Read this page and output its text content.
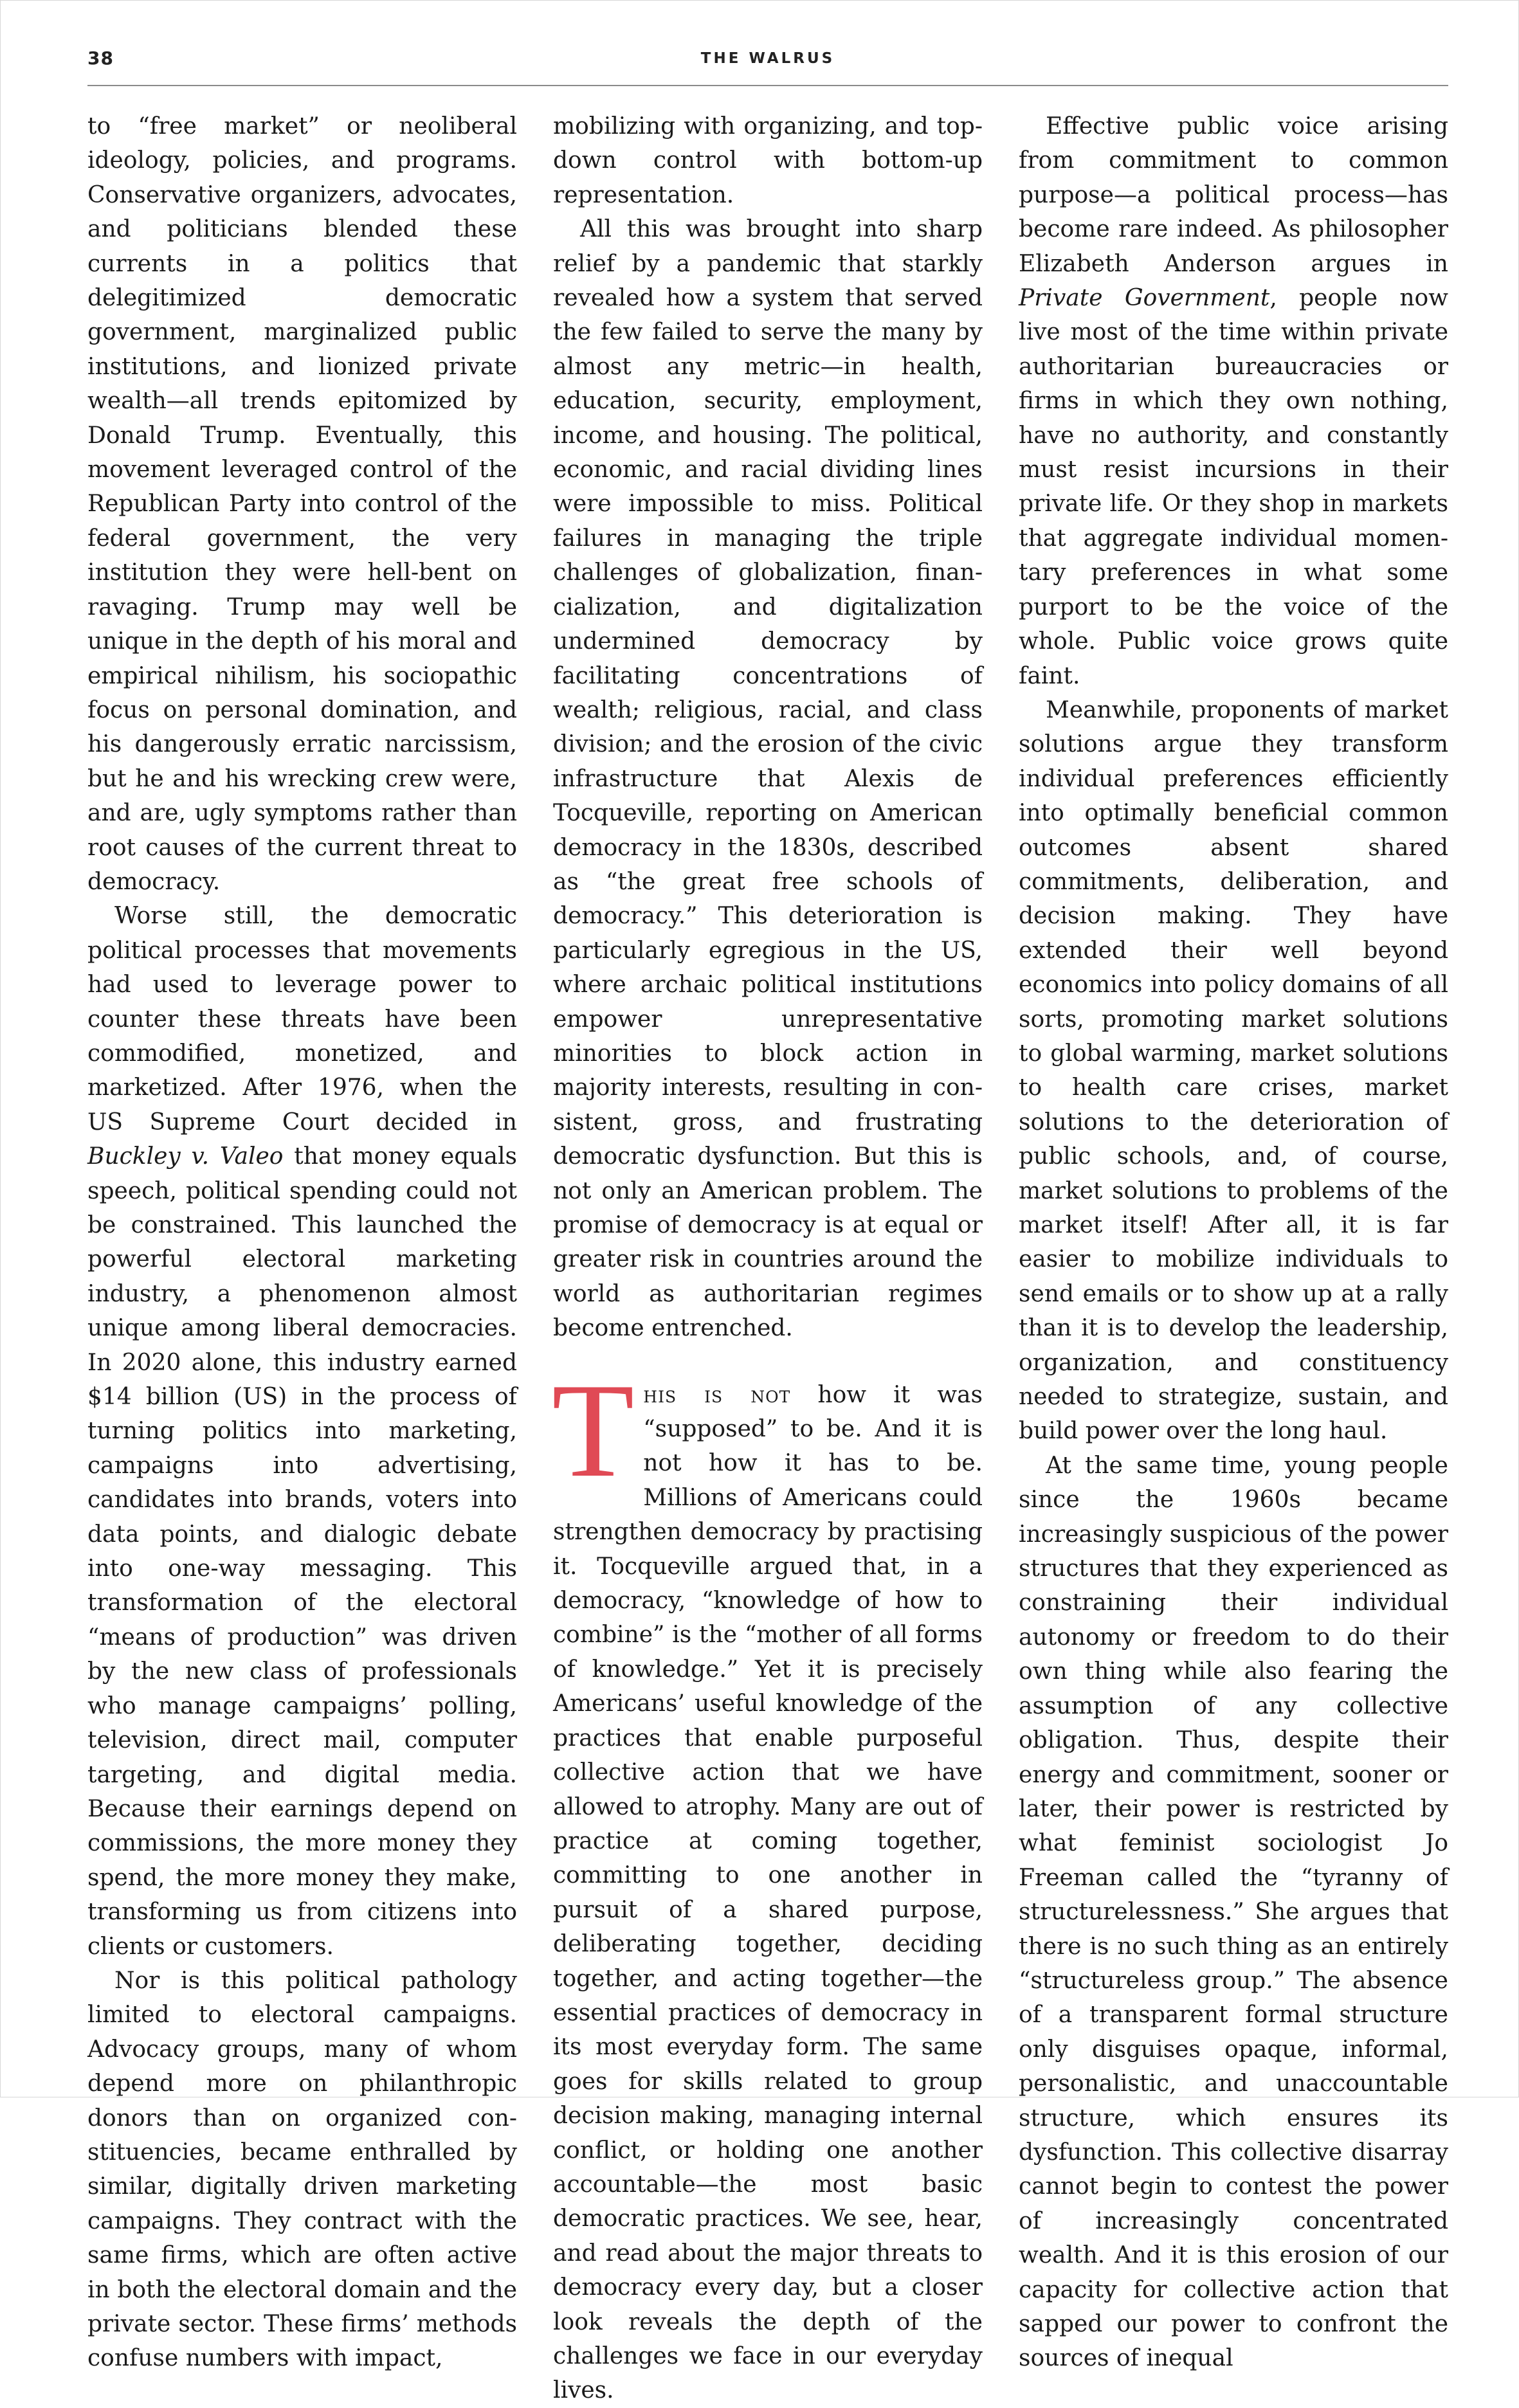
38	THE WALRUS

to “free market” or neoliberal ideology, policies, and programs. Conservative organizers, advocates, and politicians blended these currents in a politics that delegitimized democratic government, marginalized public institutions, and lionized private wealth—all trends epitomized by Donald Trump. Eventually, this movement leveraged control of the Republican Party into control of the federal government, the very institution they were hell-bent on ravaging. Trump may well be unique in the depth of his moral and empirical nihilism, his sociopathic focus on personal domination, and his dangerously erratic narcissism, but he and his wrecking crew were, and are, ugly symptoms rather than root causes of the current threat to democracy.

Worse still, the democratic political processes that movements had used to leverage power to counter these threats have been commodified, monetized, and marketized. After 1976, when the US Supreme Court decided in Buckley v. Valeo that money equals speech, political spending could not be constrained. This launched the powerful electoral marketing industry, a phenomenon almost unique among liberal democracies. In 2020 alone, this industry earned $14 billion (US) in the process of turning politics into marketing, campaigns into advertising, candidates into brands, voters into data points, and dialogic debate into one-way messaging. This transformation of the electoral “means of production” was driven by the new class of professionals who manage campaigns’ polling, television, direct mail, computer targeting, and digital media. Because their earnings depend on commissions, the more money they spend, the more money they make, transforming us from citizens into clients or customers.

Nor is this political pathology limited to electoral campaigns. Advocacy groups, many of whom depend more on philanthropic donors than on organized constituencies, became enthralled by similar, digitally driven marketing campaigns. They contract with the same firms, which are often active in both the electoral domain and the private sector. These firms’ methods confuse numbers with impact,

mobilizing with organizing, and top-down control with bottom-up representation.

All this was brought into sharp relief by a pandemic that starkly revealed how a system that served the few failed to serve the many by almost any metric—in health, education, security, employment, income, and housing. The political, economic, and racial dividing lines were impossible to miss. Political failures in managing the triple challenges of globalization, financialization, and digitalization undermined democracy by facilitating concentrations of wealth; religious, racial, and class division; and the erosion of the civic infrastructure that Alexis de Tocqueville, reporting on American democracy in the 1830s, described as “the great free schools of democracy.” This deterioration is particularly egregious in the US, where archaic political institutions empower unrepresentative minorities to block action in majority interests, resulting in consistent, gross, and frustrating democratic dysfunction. But this is not only an American problem. The promise of democracy is at equal or greater risk in countries around the world as authoritarian regimes become entrenched.

This is not how it was “supposed” to be. And it is not how it has to be. Millions of Americans could strengthen democracy by practising it. Tocqueville argued that, in a democracy, “knowledge of how to combine” is the “mother of all forms of knowledge.” Yet it is precisely Americans’ useful knowledge of the practices that enable purposeful collective action that we have allowed to atrophy. Many are out of practice at coming together, committing to one another in pursuit of a shared purpose, deliberating together, deciding together, and acting together—the essential practices of democracy in its most everyday form. The same goes for skills related to group decision making, managing internal conflict, or holding one another accountable—the most basic democratic practices. We see, hear, and read about the major threats to democracy every day, but a closer look reveals the depth of the challenges we face in our everyday lives.

Effective public voice arising from commitment to common purpose—a political process—has become rare indeed. As philosopher Elizabeth Anderson argues in Private Government, people now live most of the time within private authoritarian bureaucracies or firms in which they own nothing, have no authority, and constantly must resist incursions in their private life. Or they shop in markets that aggregate individual momentary preferences in what some purport to be the voice of the whole. Public voice grows quite faint.

Meanwhile, proponents of market solutions argue they transform individual preferences efficiently into optimally beneficial common outcomes absent shared commitments, deliberation, and decision making. They have extended their well beyond economics into policy domains of all sorts, promoting market solutions to global warming, market solutions to health care crises, market solutions to the deterioration of public schools, and, of course, market solutions to problems of the market itself! After all, it is far easier to mobilize individuals to send emails or to show up at a rally than it is to develop the leadership, organization, and constituency needed to strategize, sustain, and build power over the long haul.

At the same time, young people since the 1960s became increasingly suspicious of the power structures that they experienced as constraining their individual autonomy or freedom to do their own thing while also fearing the assumption of any collective obligation. Thus, despite their energy and commitment, sooner or later, their power is restricted by what feminist sociologist Jo Freeman called the “tyranny of structurelessness.” She argues that there is no such thing as an entirely “structureless group.” The absence of a transparent formal structure only disguises opaque, informal, personalistic, and unaccountable structure, which ensures its dysfunction. This collective disarray cannot begin to contest the power of increasingly concentrated wealth. And it is this erosion of our capacity for collective action that sapped our power to confront the sources of inequal
